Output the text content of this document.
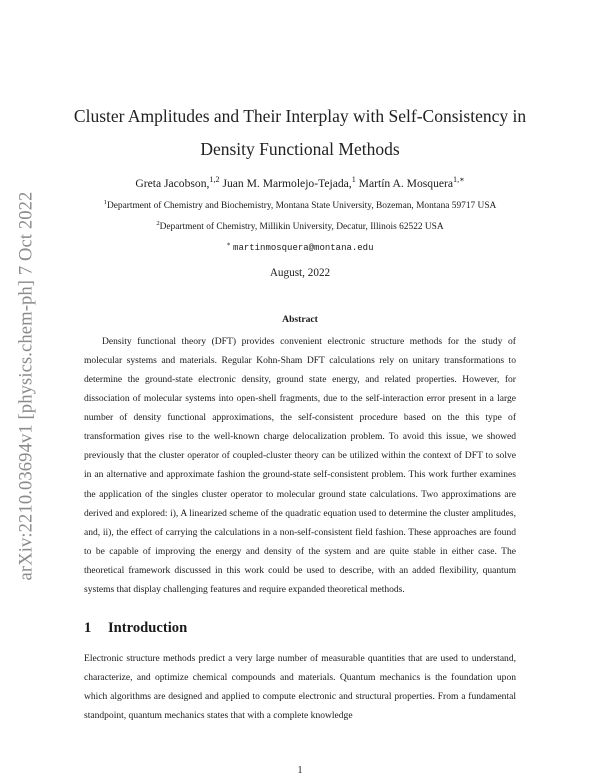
arXiv:2210.03694v1 [physics.chem-ph] 7 Oct 2022
Cluster Amplitudes and Their Interplay with Self-Consistency in
Density Functional Methods
Greta Jacobson,$^{1,2}$ Juan M. Marmolejo-Tejada,$^1$ Martín A. Mosquera$^{1,∗}$
$^1$Department of Chemistry and Biochemistry, Montana State University, Bozeman, Montana 59717 USA
$^2$Department of Chemistry, Millikin University, Decatur, Illinois 62522 USA
∗ martinmosquera@montana.edu
August, 2022
Abstract

Density functional theory (DFT) provides convenient electronic structure methods for the study of molecular systems and materials. Regular Kohn-Sham DFT calculations rely on unitary transformations to determine the ground-state electronic density, ground state energy, and related properties. However, for dissociation of molecular systems into open-shell fragments, due to the self-interaction error present in a large number of density functional approximations, the self-consistent procedure based on the this type of transformation gives rise to the well-known charge delocalization problem. To avoid this issue, we showed previously that the cluster operator of coupled-cluster theory can be utilized within the context of DFT to solve in an alternative and approximate fashion the ground-state self-consistent problem. This work further examines the application of the singles cluster operator to molecular ground state calculations. Two approximations are derived and explored: i), A linearized scheme of the quadratic equation used to determine the cluster amplitudes, and, ii), the effect of carrying the calculations in a non-self-consistent field fashion. These approaches are found to be capable of improving the energy and density of the system and are quite stable in either case. The theoretical framework discussed in this work could be used to describe, with an added flexibility, quantum systems that display challenging features and require expanded theoretical methods.

1 Introduction

Electronic structure methods predict a very large number of measurable quantities that are used to understand, characterize, and optimize chemical compounds and materials. Quantum mechanics is the foundation upon which algorithms are designed and applied to compute electronic and structural properties. From a fundamental standpoint, quantum mechanics states that with a complete knowledge

1
